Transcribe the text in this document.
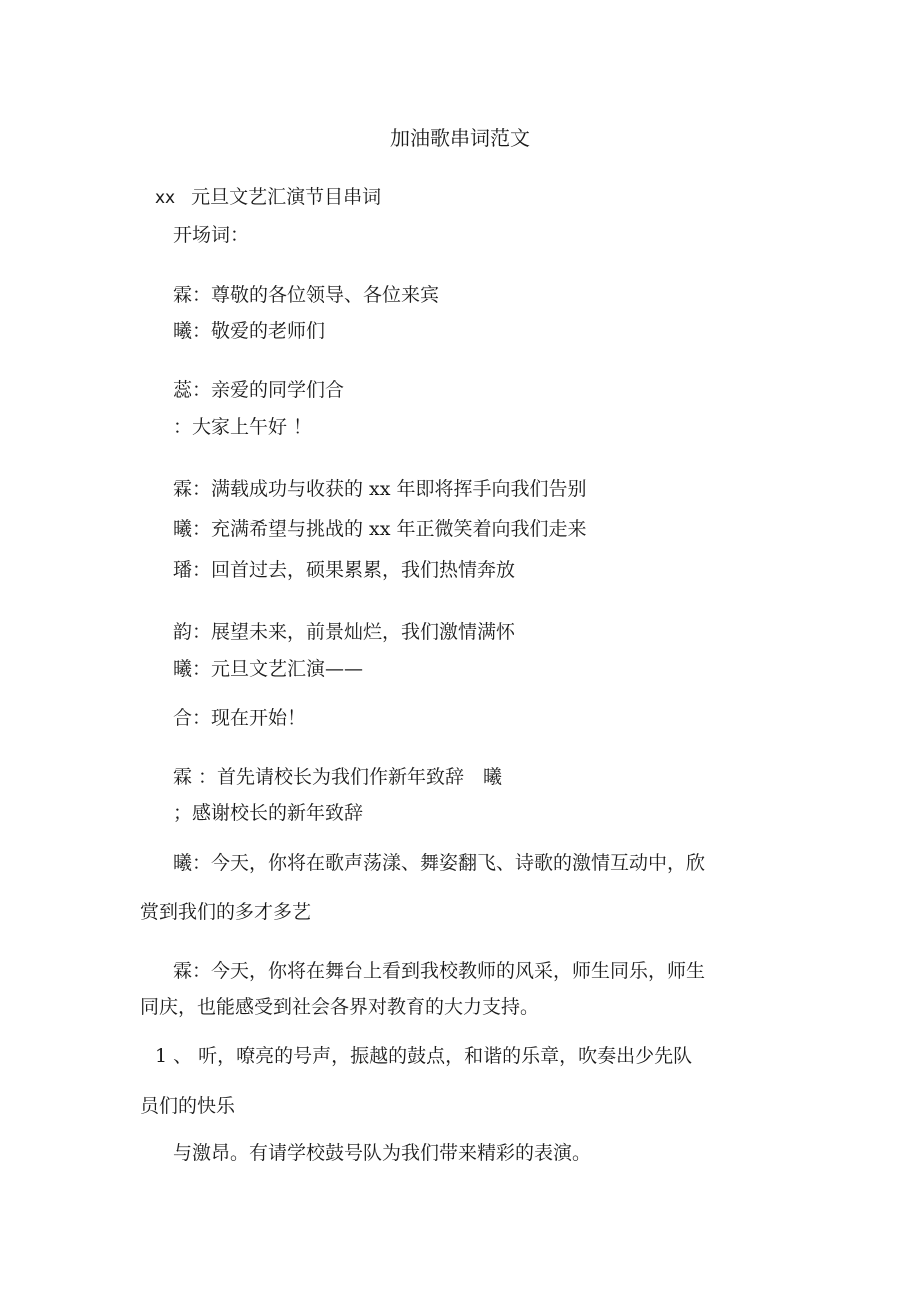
加油歌串词范文

xx 元旦文艺汇演节目串词

开场词：

霖：尊敬的各位领导、各位来宾

曦：敬爱的老师们

蕊：亲爱的同学们合

：大家上午好 ！

霖：满载成功与收获的 xx 年即将挥手向我们告别

曦：充满希望与挑战的 xx 年正微笑着向我们走来

璠：回首过去，硕果累累，我们热情奔放

韵：展望未来，前景灿烂，我们激情满怀

曦：元旦文艺汇演——

合：现在开始！

霖 ：首先请校长为我们作新年致辞　曦

；感谢校长的新年致辞

曦：今天，你将在歌声荡漾、舞姿翻飞、诗歌的激情互动中，欣

赏到我们的多才多艺

霖：今天，你将在舞台上看到我校教师的风采，师生同乐，师生

同庆，也能感受到社会各界对教育的大力支持。

1 、 听，嘹亮的号声，振越的鼓点，和谐的乐章，吹奏出少先队

员们的快乐

与激昂。有请学校鼓号队为我们带来精彩的表演。
